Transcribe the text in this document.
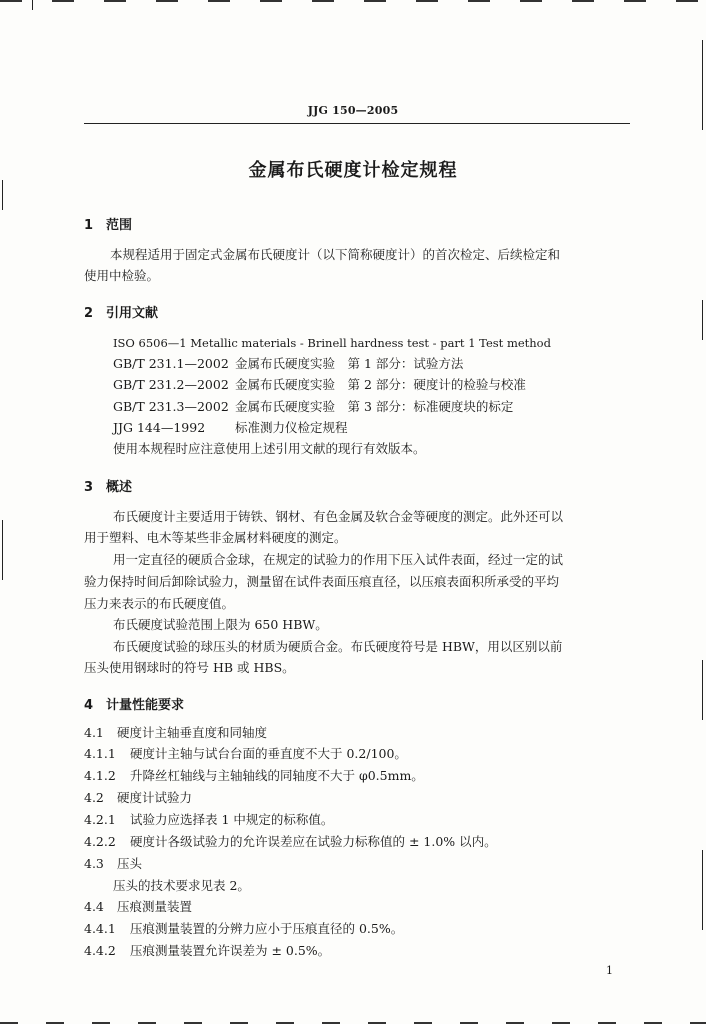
JJG 150—2005
金属布氏硬度计检定规程
1 范围
本规程适用于固定式金属布氏硬度计（以下简称硬度计）的首次检定、后续检定和
使用中检验。
2 引用文献
ISO 6506—1 Metallic materials - Brinell hardness test - part 1 Test method
GB/T 231.1—2002 金属布氏硬度实验　第 1 部分：试验方法
GB/T 231.2—2002 金属布氏硬度实验　第 2 部分：硬度计的检验与校准
GB/T 231.3—2002 金属布氏硬度实验　第 3 部分：标准硬度块的标定
JJG 144—1992 标准测力仪检定规程
使用本规程时应注意使用上述引用文献的现行有效版本。
3 概述
布氏硬度计主要适用于铸铁、钢材、有色金属及软合金等硬度的测定。此外还可以
用于塑料、电木等某些非金属材料硬度的测定。
用一定直径的硬质合金球，在规定的试验力的作用下压入试件表面，经过一定的试
验力保持时间后卸除试验力，测量留在试件表面压痕直径，以压痕表面积所承受的平均
压力来表示的布氏硬度值。
布氏硬度试验范围上限为 650 HBW。
布氏硬度试验的球压头的材质为硬质合金。布氏硬度符号是 HBW，用以区别以前
压头使用钢球时的符号 HB 或 HBS。
4 计量性能要求
4.1 硬度计主轴垂直度和同轴度
4.1.1 硬度计主轴与试台台面的垂直度不大于 0.2/100。
4.1.2 升降丝杠轴线与主轴轴线的同轴度不大于 φ0.5mm。
4.2 硬度计试验力
4.2.1 试验力应选择表 1 中规定的标称值。
4.2.2 硬度计各级试验力的允许误差应在试验力标称值的 ± 1.0% 以内。
4.3 压头
压头的技术要求见表 2。
4.4 压痕测量装置
4.4.1 压痕测量装置的分辨力应小于压痕直径的 0.5%。
4.4.2 压痕测量装置允许误差为 ± 0.5%。
1
